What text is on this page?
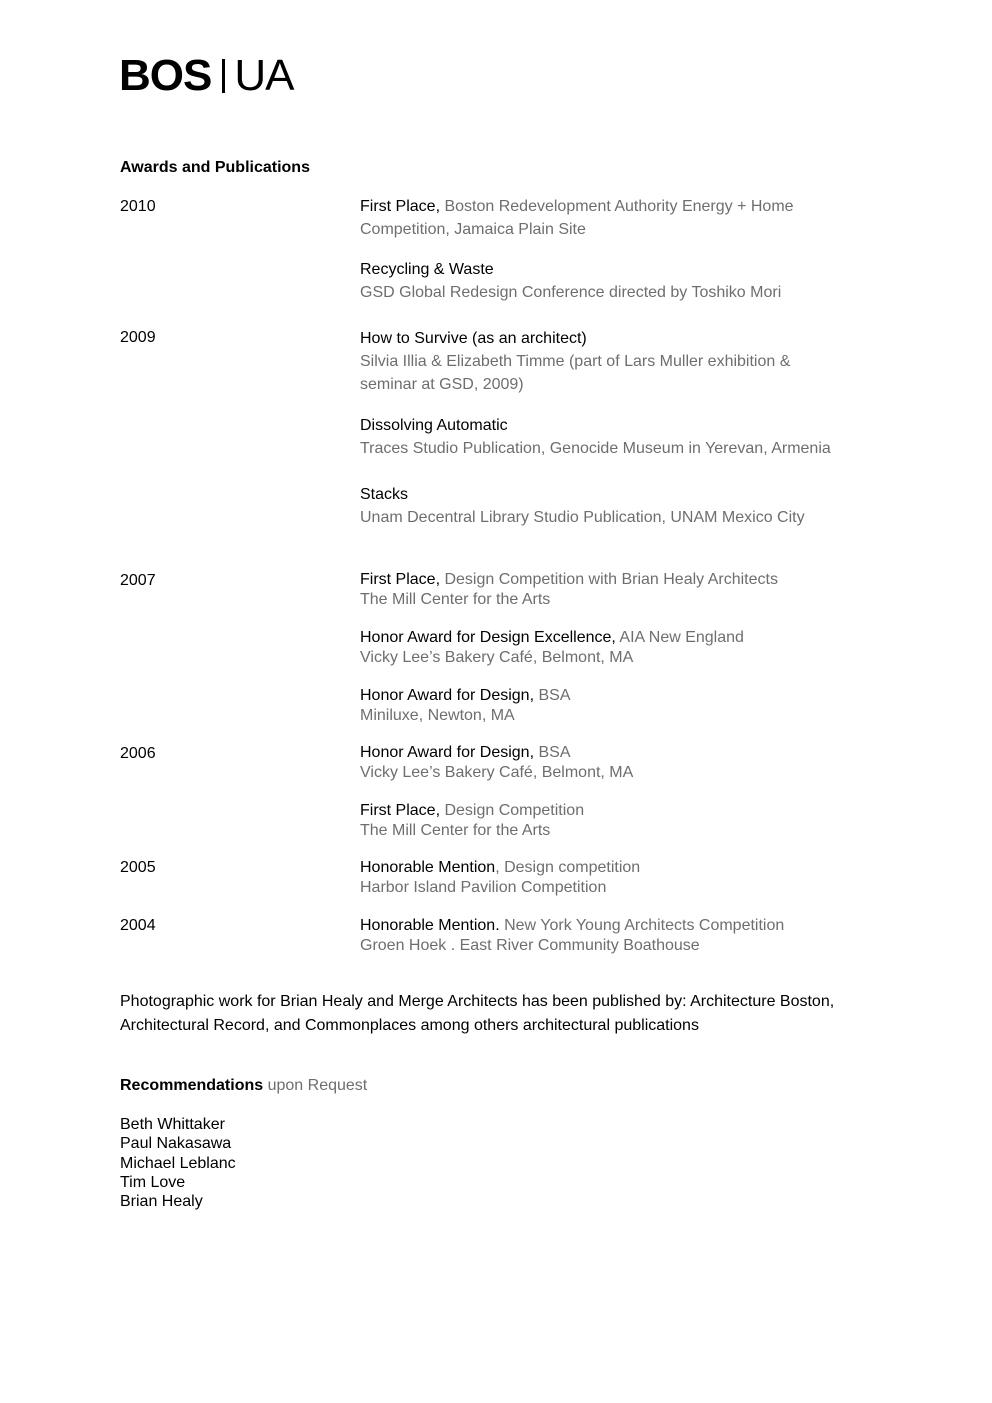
BOS UA
Awards and Publications
2010	First Place, Boston Redevelopment Authority Energy + Home
Competition, Jamaica Plain Site
Recycling & Waste
GSD Global Redesign Conference directed by Toshiko Mori
2009	How to Survive (as an architect)
Silvia Illia & Elizabeth Timme (part of Lars Muller exhibition &
seminar at GSD, 2009)
Dissolving Automatic
Traces Studio Publication, Genocide Museum in Yerevan, Armenia
Stacks
Unam Decentral Library Studio Publication, UNAM Mexico City
2007	First Place, Design Competition with Brian Healy Architects
The Mill Center for the Arts
Honor Award for Design Excellence, AIA New England
Vicky Lee’s Bakery Café, Belmont, MA
Honor Award for Design, BSA
Miniluxe, Newton, MA
2006	Honor Award for Design, BSA
Vicky Lee’s Bakery Café, Belmont, MA
First Place, Design Competition
The Mill Center for the Arts
2005	Honorable Mention, Design competition
Harbor Island Pavilion Competition
2004	Honorable Mention. New York Young Architects Competition
Groen Hoek . East River Community Boathouse
Photographic work for Brian Healy and Merge Architects has been published by: Architecture Boston, Architectural Record, and Commonplaces among others architectural publications
Recommendations upon Request
Beth Whittaker
Paul Nakasawa
Michael Leblanc
Tim Love
Brian Healy
